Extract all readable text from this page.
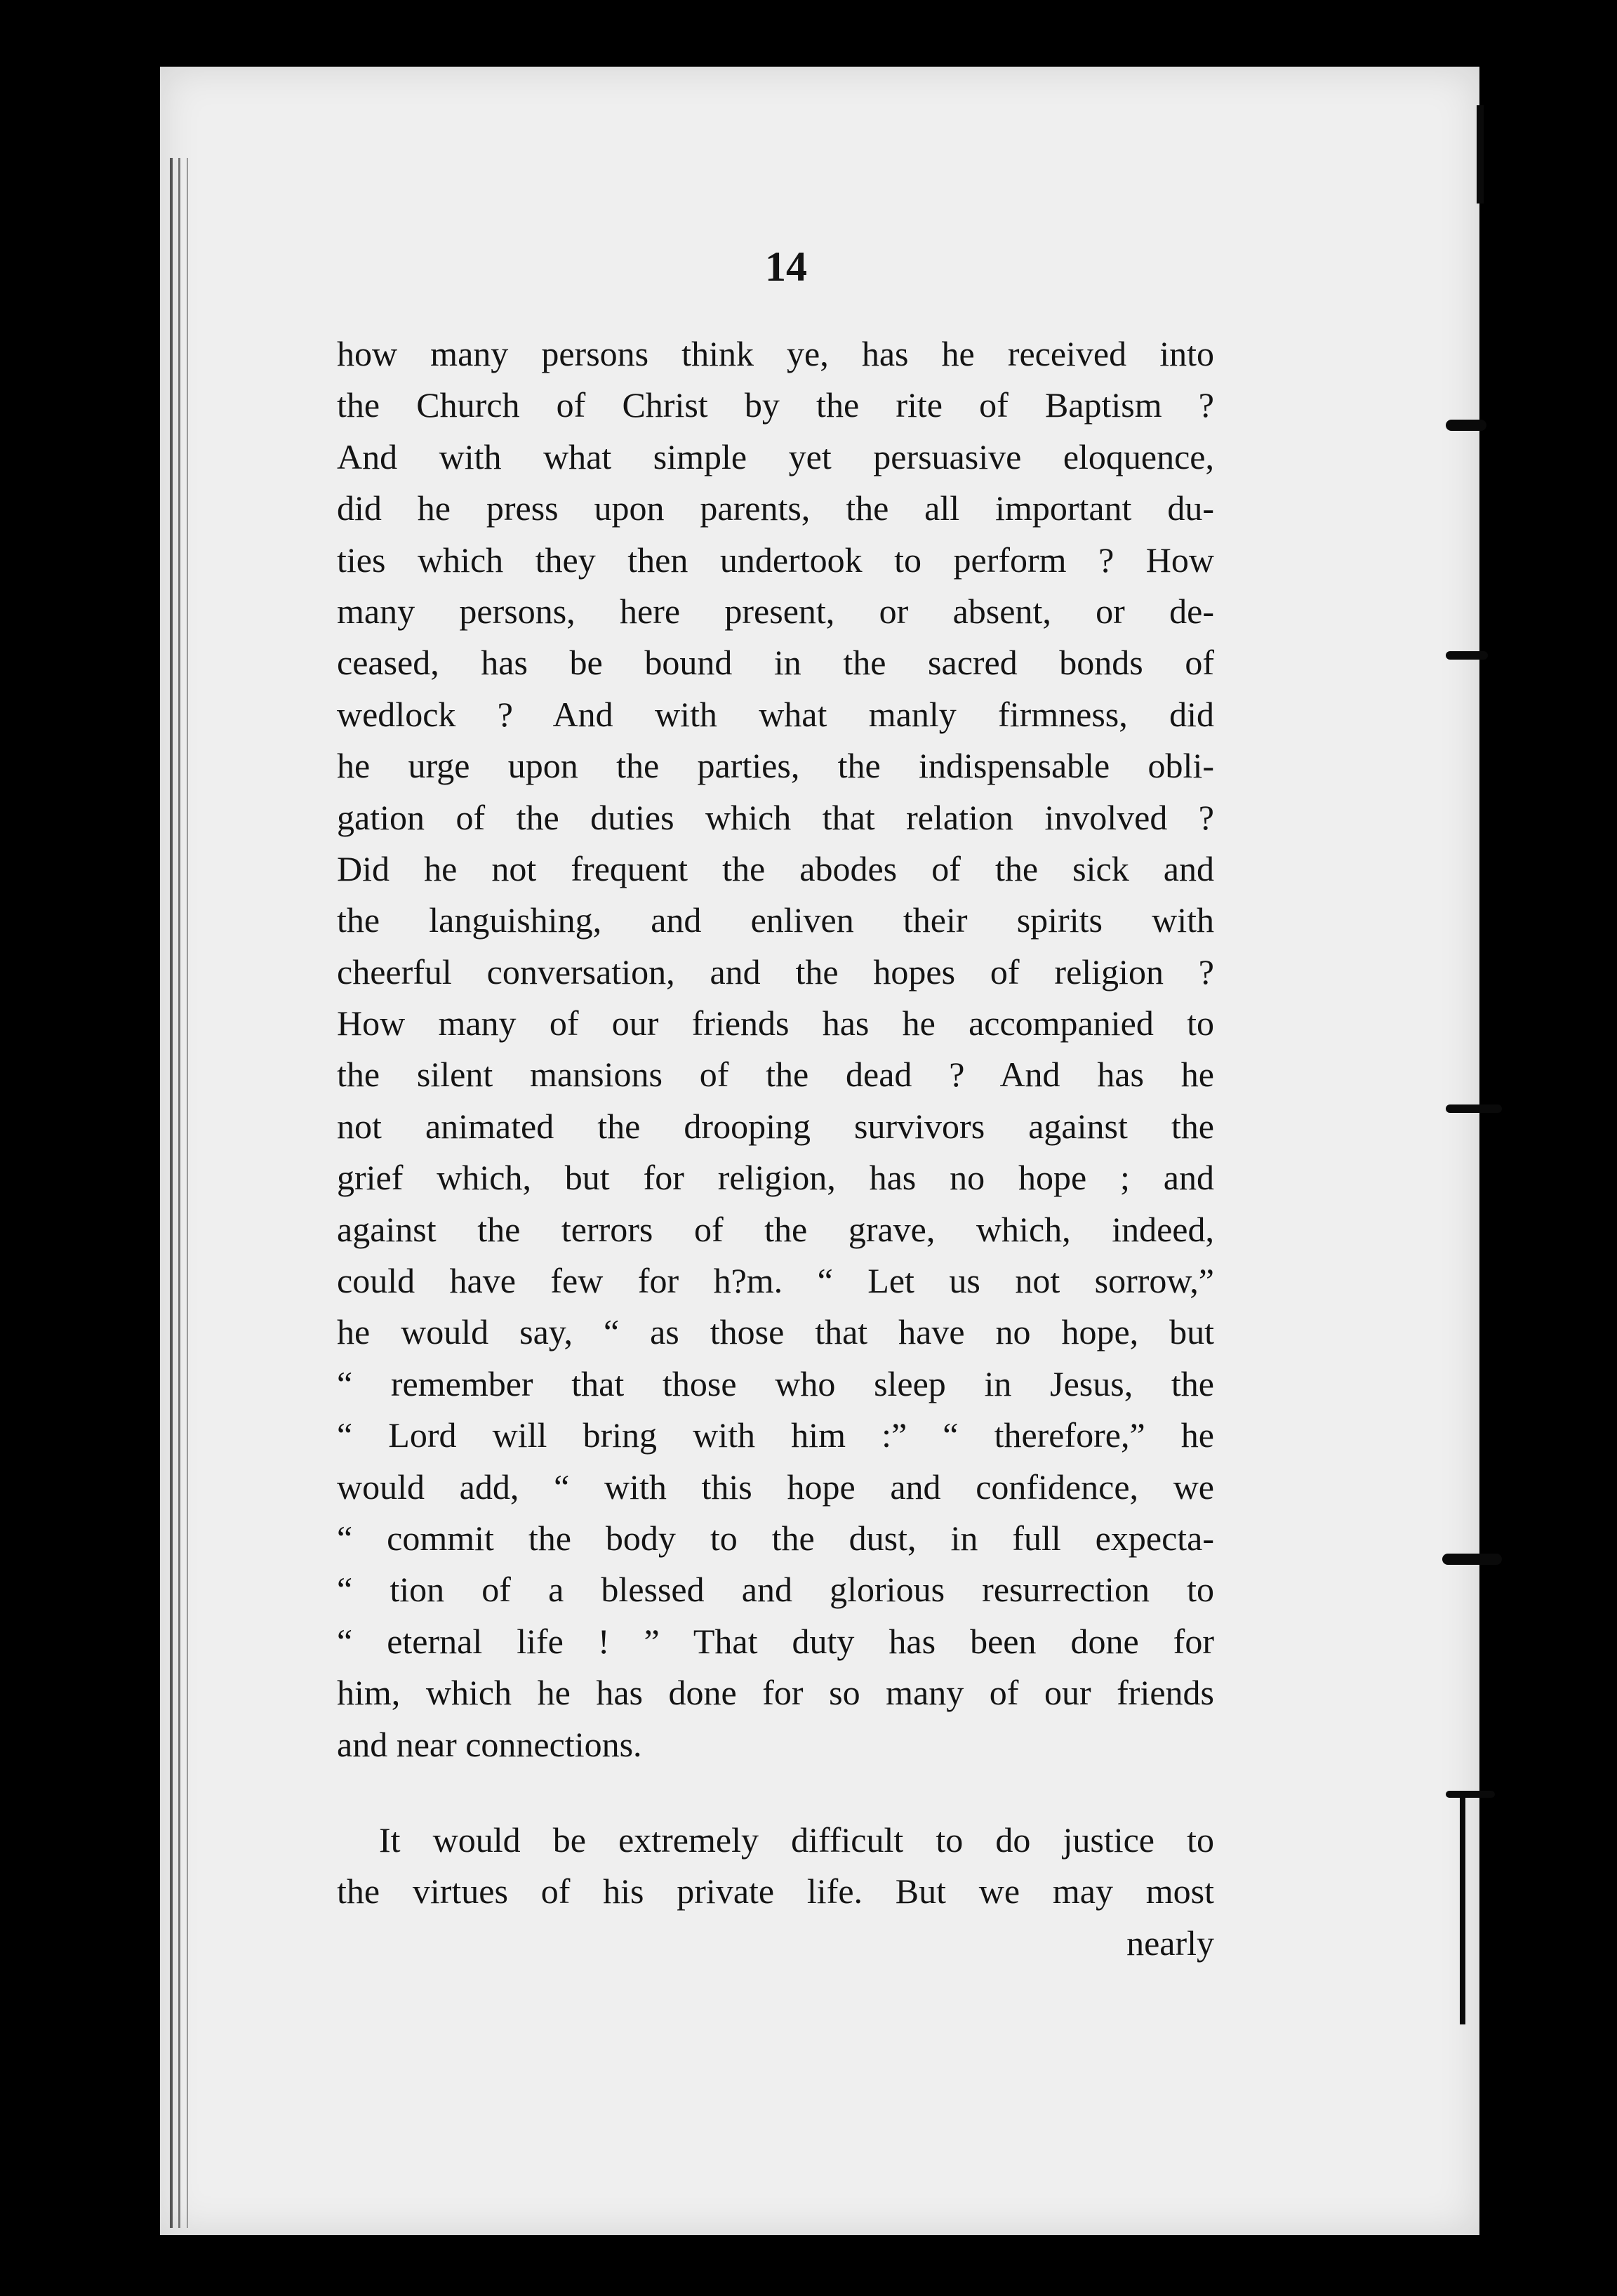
14
how many persons think ye, has he received into
the Church of Christ by the rite of Baptism ?
And with what simple yet persuasive eloquence,
did he press upon parents, the all important du-
ties which they then undertook to perform ? How
many persons, here present, or absent, or de-
ceased, has be bound in the sacred bonds of
wedlock ? And with what manly firmness, did
he urge upon the parties, the indispensable obli-
gation of the duties which that relation involved ?
Did he not frequent the abodes of the sick and
the languishing, and enliven their spirits with
cheerful conversation, and the hopes of religion ?
How many of our friends has he accompanied to
the silent mansions of the dead ? And has he
not animated the drooping survivors against the
grief which, but for religion, has no hope ; and
against the terrors of the grave, which, indeed,
could have few for h?m. “ Let us not sorrow,”
he would say, “ as those that have no hope, but
“ remember that those who sleep in Jesus, the
“ Lord will bring with him :” “ therefore,” he
would add, “ with this hope and confidence, we
“ commit the body to the dust, in full expecta-
“ tion of a blessed and glorious resurrection to
“ eternal life ! ” That duty has been done for
him, which he has done for so many of our friends
and near connections.
It would be extremely difficult to do justice to
the virtues of his private life. But we may most
nearly
